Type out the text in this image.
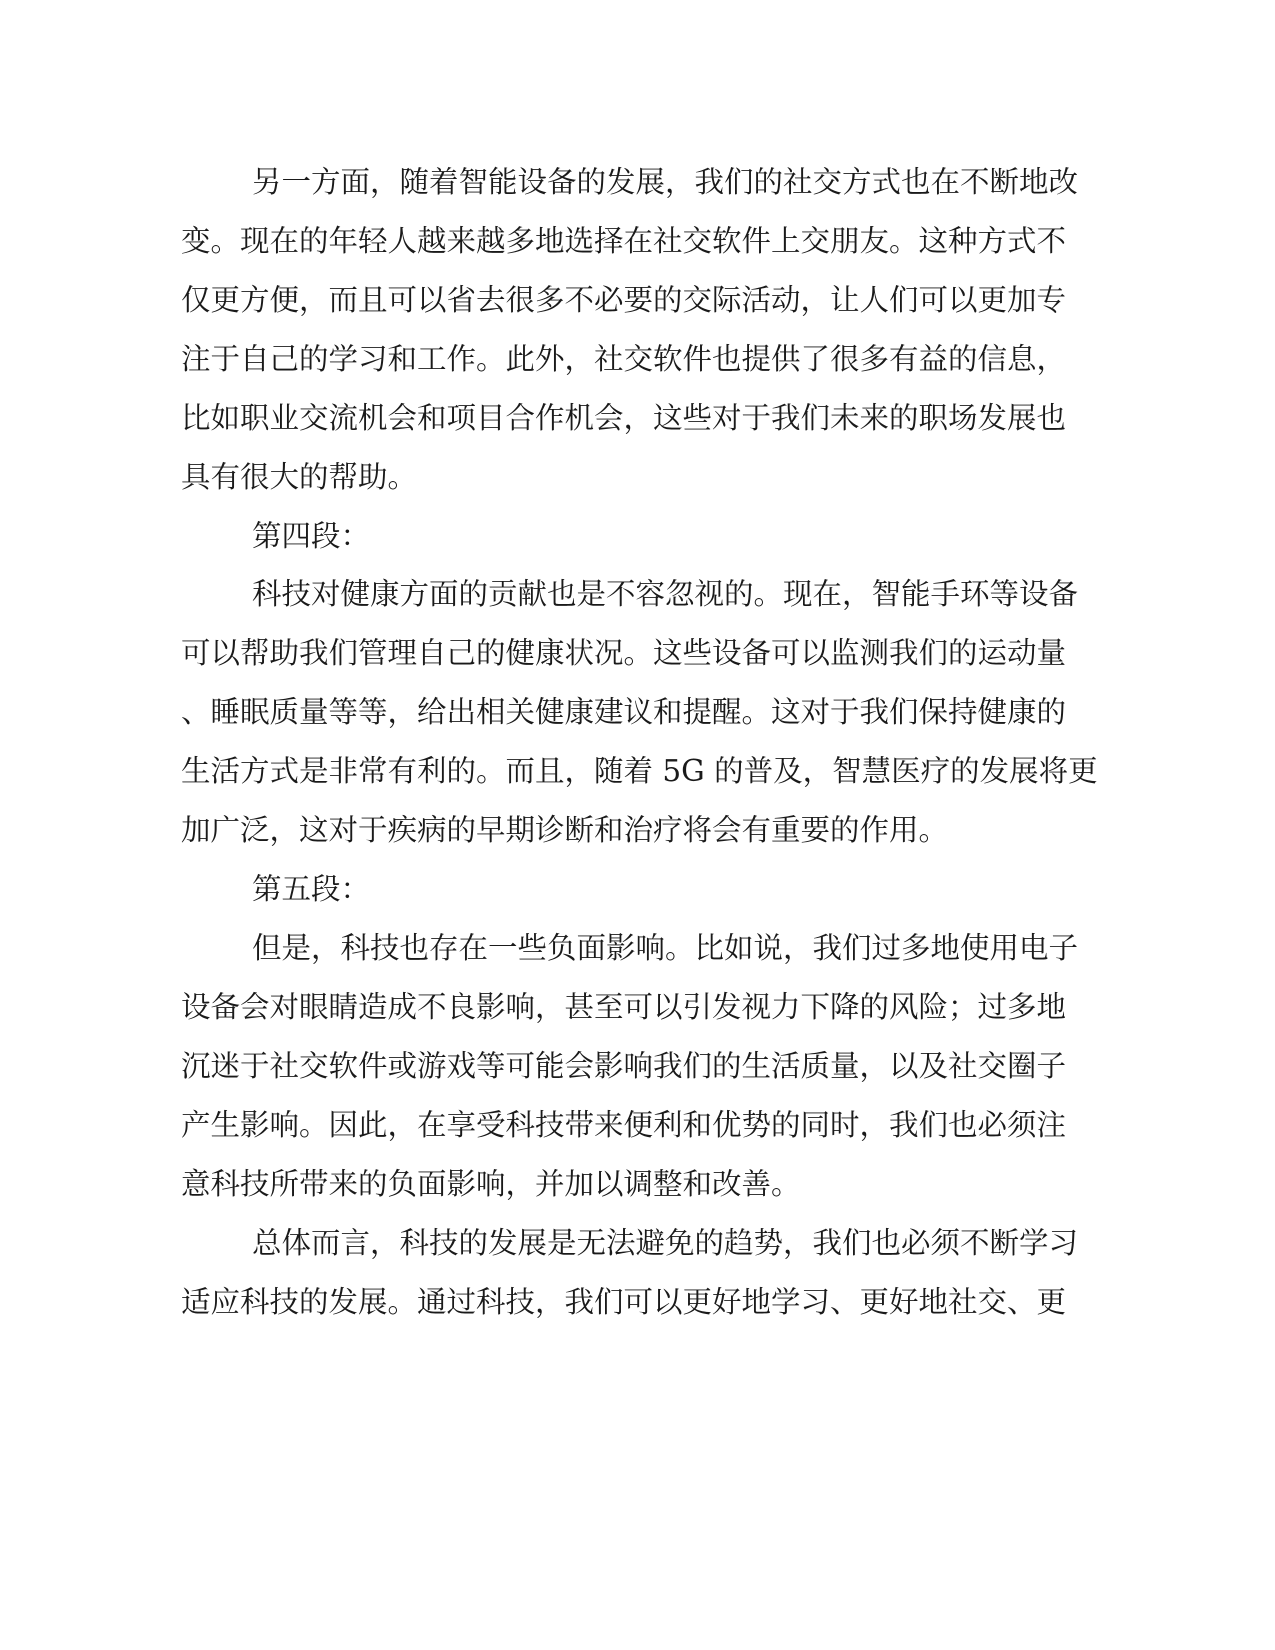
另一方面，随着智能设备的发展，我们的社交方式也在不断地改
变。现在的年轻人越来越多地选择在社交软件上交朋友。这种方式不
仅更方便，而且可以省去很多不必要的交际活动，让人们可以更加专
注于自己的学习和工作。此外，社交软件也提供了很多有益的信息，
比如职业交流机会和项目合作机会，这些对于我们未来的职场发展也
具有很大的帮助。
第四段：
科技对健康方面的贡献也是不容忽视的。现在，智能手环等设备
可以帮助我们管理自己的健康状况。这些设备可以监测我们的运动量
、睡眠质量等等，给出相关健康建议和提醒。这对于我们保持健康的
生活方式是非常有利的。而且，随着 5G 的普及，智慧医疗的发展将更
加广泛，这对于疾病的早期诊断和治疗将会有重要的作用。
第五段：
但是，科技也存在一些负面影响。比如说，我们过多地使用电子
设备会对眼睛造成不良影响，甚至可以引发视力下降的风险；过多地
沉迷于社交软件或游戏等可能会影响我们的生活质量，以及社交圈子
产生影响。因此，在享受科技带来便利和优势的同时，我们也必须注
意科技所带来的负面影响，并加以调整和改善。
总体而言，科技的发展是无法避免的趋势，我们也必须不断学习
适应科技的发展。通过科技，我们可以更好地学习、更好地社交、更
